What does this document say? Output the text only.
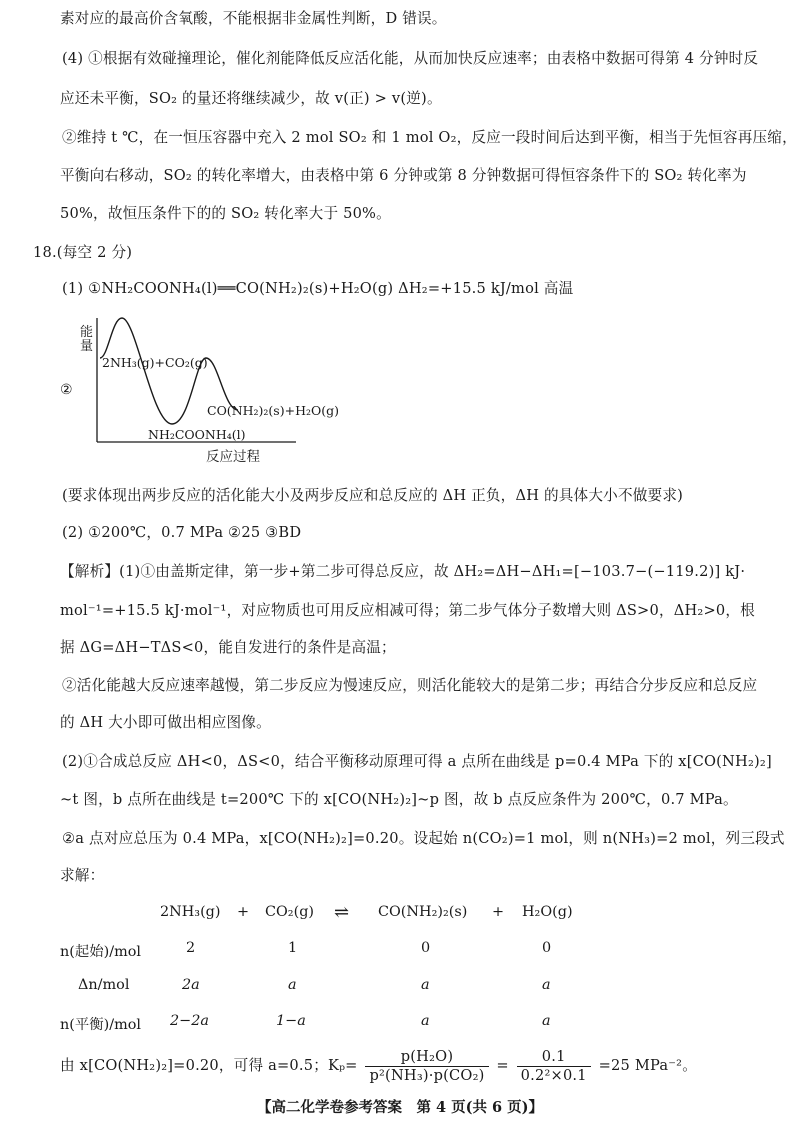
素对应的最高价含氧酸，不能根据非金属性判断，D 错误。
(4) ①根据有效碰撞理论，催化剂能降低反应活化能，从而加快反应速率；由表格中数据可得第 4 分钟时反
应还未平衡，SO₂ 的量还将继续减少，故 v(正) > v(逆)。
②维持 t ℃，在一恒压容器中充入 2 mol SO₂ 和 1 mol O₂，反应一段时间后达到平衡，相当于先恒容再压缩，
平衡向右移动，SO₂ 的转化率增大，由表格中第 6 分钟或第 8 分钟数据可得恒容条件下的 SO₂ 转化率为
50%，故恒压条件下的的 SO₂ 转化率大于 50%。
18.(每空 2 分)
(1) ①NH₂COONH₄(l)══CO(NH₂)₂(s)+H₂O(g) ΔH₂=+15.5 kJ/mol 高温
②
能
量
2NH₃(g)+CO₂(g)
CO(NH₂)₂(s)+H₂O(g)
NH₂COONH₄(l)
反应过程
(要求体现出两步反应的活化能大小及两步反应和总反应的 ΔH 正负，ΔH 的具体大小不做要求)
(2) ①200℃，0.7 MPa ②25 ③BD
【解析】(1)①由盖斯定律，第一步+第二步可得总反应，故 ΔH₂=ΔH−ΔH₁=[−103.7−(−119.2)] kJ·
mol⁻¹=+15.5 kJ·mol⁻¹，对应物质也可用反应相减可得；第二步气体分子数增大则 ΔS>0，ΔH₂>0，根
据 ΔG=ΔH−TΔS<0，能自发进行的条件是高温；
②活化能越大反应速率越慢，第二步反应为慢速反应，则活化能较大的是第二步；再结合分步反应和总反应
的 ΔH 大小即可做出相应图像。
(2)①合成总反应 ΔH<0，ΔS<0，结合平衡移动原理可得 a 点所在曲线是 p=0.4 MPa 下的 x[CO(NH₂)₂]
~t 图，b 点所在曲线是 t=200℃ 下的 x[CO(NH₂)₂]~p 图，故 b 点反应条件为 200℃，0.7 MPa。
②a 点对应总压为 0.4 MPa，x[CO(NH₂)₂]=0.20。设起始 n(CO₂)=1 mol，则 n(NH₃)=2 mol，列三段式
求解：
2NH₃(g) + CO₂(g) ⇌ CO(NH₂)₂(s) + H₂O(g)
n(起始)/mol	2	1	0	0
Δn/mol	2a	a	a	a
n(平衡)/mol 2−2a	1−a	a	a
由 x[CO(NH₂)₂]=0.20，可得 a=0.5；$K_p= \frac{\text{p(H₂O)}}{\text{p²(NH₃)·p(CO₂)}} = \frac{0.1}{\text{0.2²×0.1}} =25$ MPa⁻²。
【高二化学卷参考答案　第 4 页(共 6 页)】
